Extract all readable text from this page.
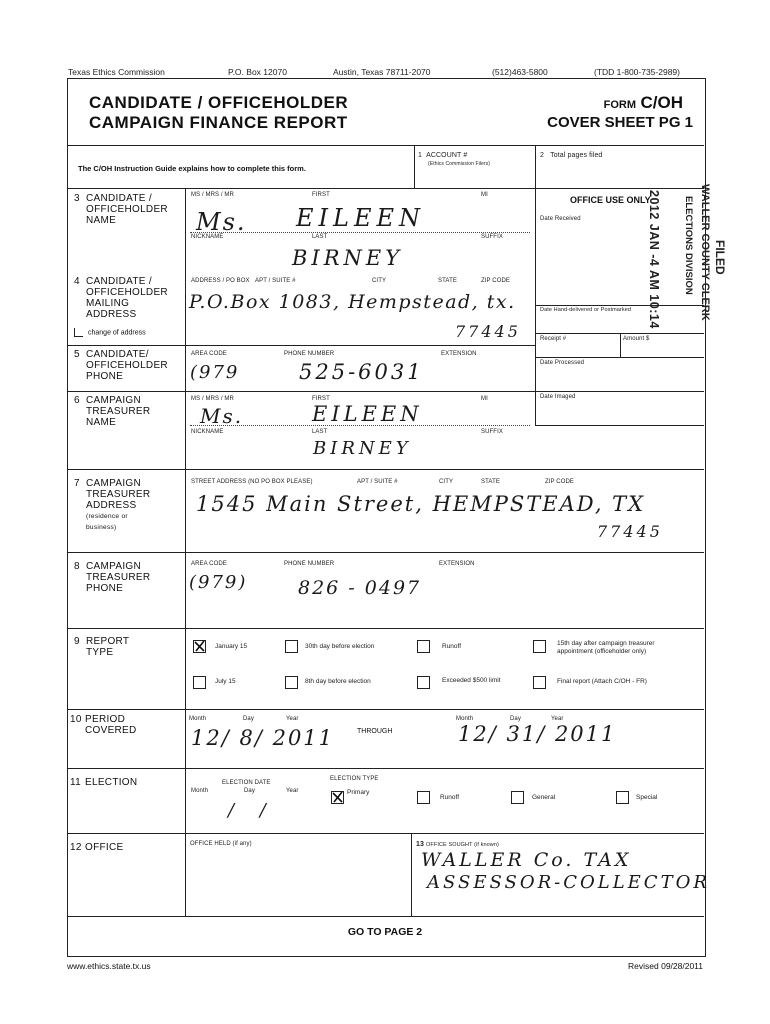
Texas Ethics Commission	P.O. Box 12070	Austin, Texas 78711-2070	(512)463-5800	(TDD 1-800-735-2989)
CANDIDATE / OFFICEHOLDER
CAMPAIGN FINANCE REPORT
FORM C/OH
COVER SHEET PG 1
The C/OH Instruction Guide explains how to complete this form.
1 ACCOUNT #
(Ethics Commission Filers)
2 Total pages filed
OFFICE USE ONLY
Date Received
Date Hand-delivered or Postmarked
Receipt #	Amount $
Date Processed
Date Imaged
2012 JAN -4 AM 10:14	WALLER COUNTY CLERK
ELECTIONS DIVISION FILED
3 CANDIDATE /
OFFICEHOLDER
NAME
MS / MRS / MR	FIRST	MI
Ms. EILEEN
NICKNAME	LAST	SUFFIX
BIRNEY
4 CANDIDATE /
OFFICEHOLDER
MAILING
ADDRESS
change of address
ADDRESS / PO BOX APT / SUITE #	CITY	STATE	ZIP CODE
P.O.Box 1083, Hempstead, tx.
77445
5 CANDIDATE/
OFFICEHOLDER
PHONE
AREA CODE	PHONE NUMBER	EXTENSION
(979	525-6031
6 CAMPAIGN
TREASURER
NAME
MS / MRS / MR	FIRST	MI
Ms.	EILEEN
NICKNAME	LAST	SUFFIX
BIRNEY
7 CAMPAIGN
TREASURER
ADDRESS
(residence or business)
STREET ADDRESS (NO PO BOX PLEASE)	APT / SUITE #	CITY	STATE	ZIP CODE
1545 Main Street, HEMPSTEAD, TX
77445
8 CAMPAIGN
TREASURER
PHONE
AREA CODE	PHONE NUMBER	EXTENSION
(979)	826 - 0497
9 REPORT TYPE
January 15	30th day before election	Runoff	15th day after campaign treasurer appointment (officeholder only)
July 15	8th day before election	Exceeded $500 limit	Final report (Attach C/OH - FR)
10 PERIOD
COVERED
Month	Day	Year
THROUGH
Month	Day	Year
12/ 8/ 2011	12/ 31/ 2011
11 ELECTION	ELECTION DATE
Month	Day	Year
/ /
ELECTION TYPE
Primary
Runoff	General	Special
12 OFFICE	OFFICE HELD (if any)	13 OFFICE SOUGHT (if known)
WALLER Co. TAX
ASSESSOR-COLLECTOR
GO TO PAGE 2
www.ethics.state.tx.us	Revised 09/28/2011
